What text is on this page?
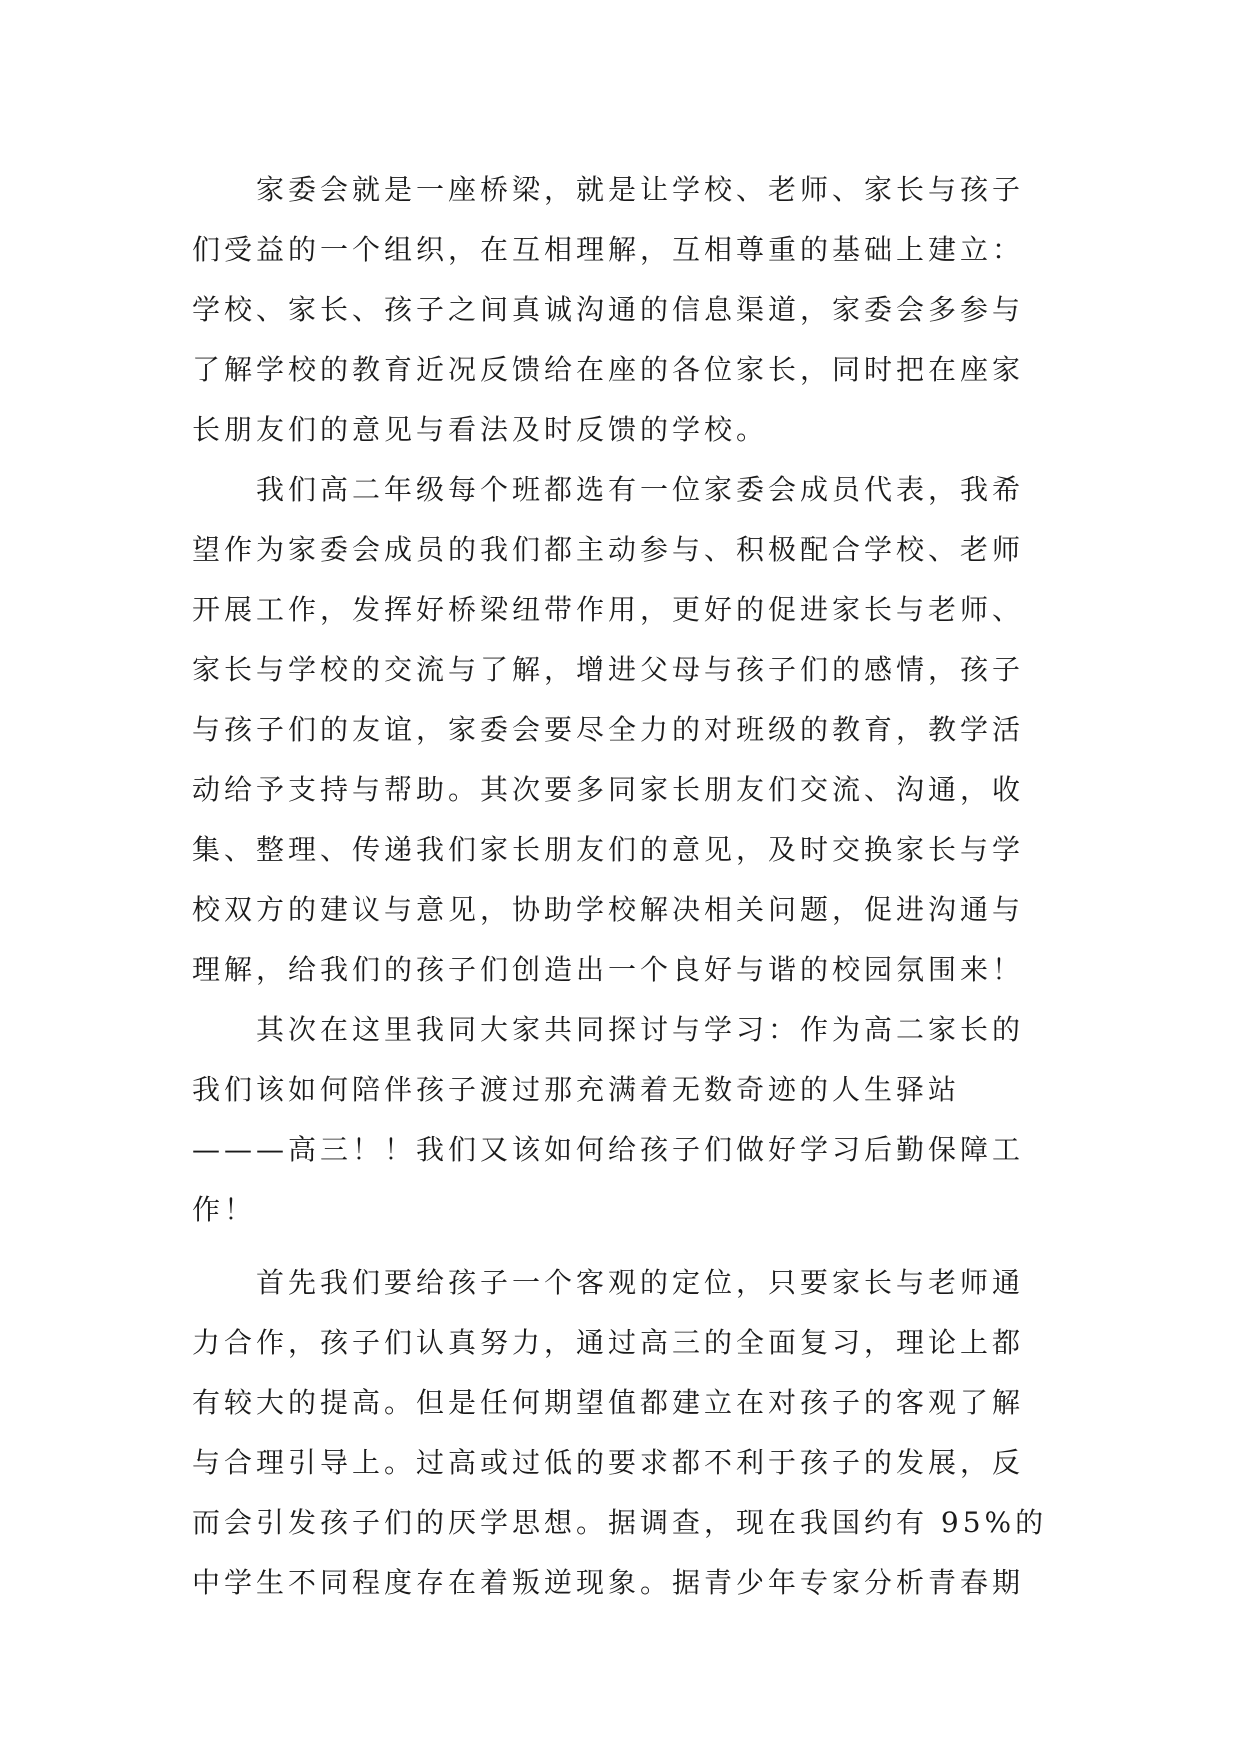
家委会就是一座桥梁，就是让学校、老师、家长与孩子
们受益的一个组织，在互相理解，互相尊重的基础上建立：
学校、家长、孩子之间真诚沟通的信息渠道，家委会多参与
了解学校的教育近况反馈给在座的各位家长，同时把在座家
长朋友们的意见与看法及时反馈的学校。
我们高二年级每个班都选有一位家委会成员代表，我希
望作为家委会成员的我们都主动参与、积极配合学校、老师
开展工作，发挥好桥梁纽带作用，更好的促进家长与老师、
家长与学校的交流与了解，增进父母与孩子们的感情，孩子
与孩子们的友谊，家委会要尽全力的对班级的教育，教学活
动给予支持与帮助。其次要多同家长朋友们交流、沟通，收
集、整理、传递我们家长朋友们的意见，及时交换家长与学
校双方的建议与意见，协助学校解决相关问题，促进沟通与
理解，给我们的孩子们创造出一个良好与谐的校园氛围来！
其次在这里我同大家共同探讨与学习：作为高二家长的
我们该如何陪伴孩子渡过那充满着无数奇迹的人生驿站
———高三！！我们又该如何给孩子们做好学习后勤保障工
作！
首先我们要给孩子一个客观的定位，只要家长与老师通
力合作，孩子们认真努力，通过高三的全面复习，理论上都
有较大的提高。但是任何期望值都建立在对孩子的客观了解
与合理引导上。过高或过低的要求都不利于孩子的发展，反
而会引发孩子们的厌学思想。据调查，现在我国约有 95%的
中学生不同程度存在着叛逆现象。据青少年专家分析青春期
